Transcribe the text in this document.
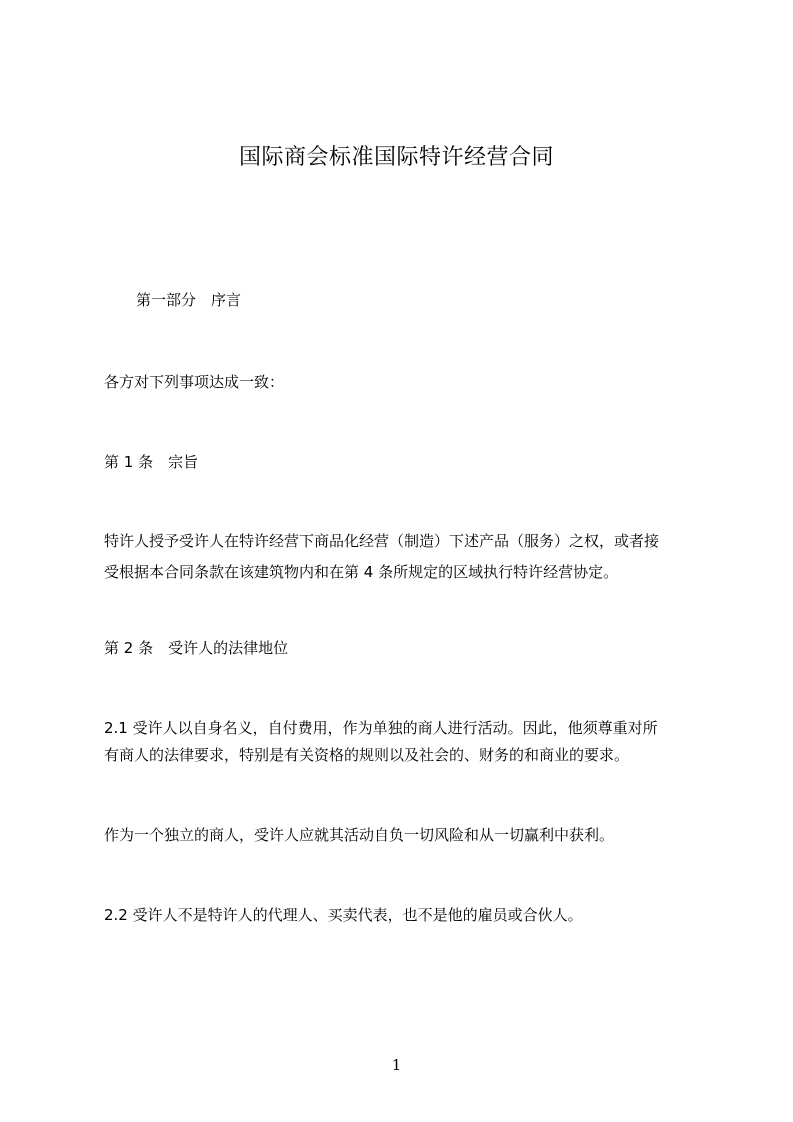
国际商会标准国际特许经营合同
第一部分　序言
各方对下列事项达成一致：
第 1 条　宗旨
特许人授予受许人在特许经营下商品化经营（制造）下述产品（服务）之权，或者接
受根据本合同条款在该建筑物内和在第 4 条所规定的区域执行特许经营协定。
第 2 条　受许人的法律地位
2.1 受许人以自身名义，自付费用，作为单独的商人进行活动。因此，他须尊重对所
有商人的法律要求，特别是有关资格的规则以及社会的、财务的和商业的要求。
作为一个独立的商人，受许人应就其活动自负一切风险和从一切赢利中获利。
2.2 受许人不是特许人的代理人、买卖代表，也不是他的雇员或合伙人。
1
